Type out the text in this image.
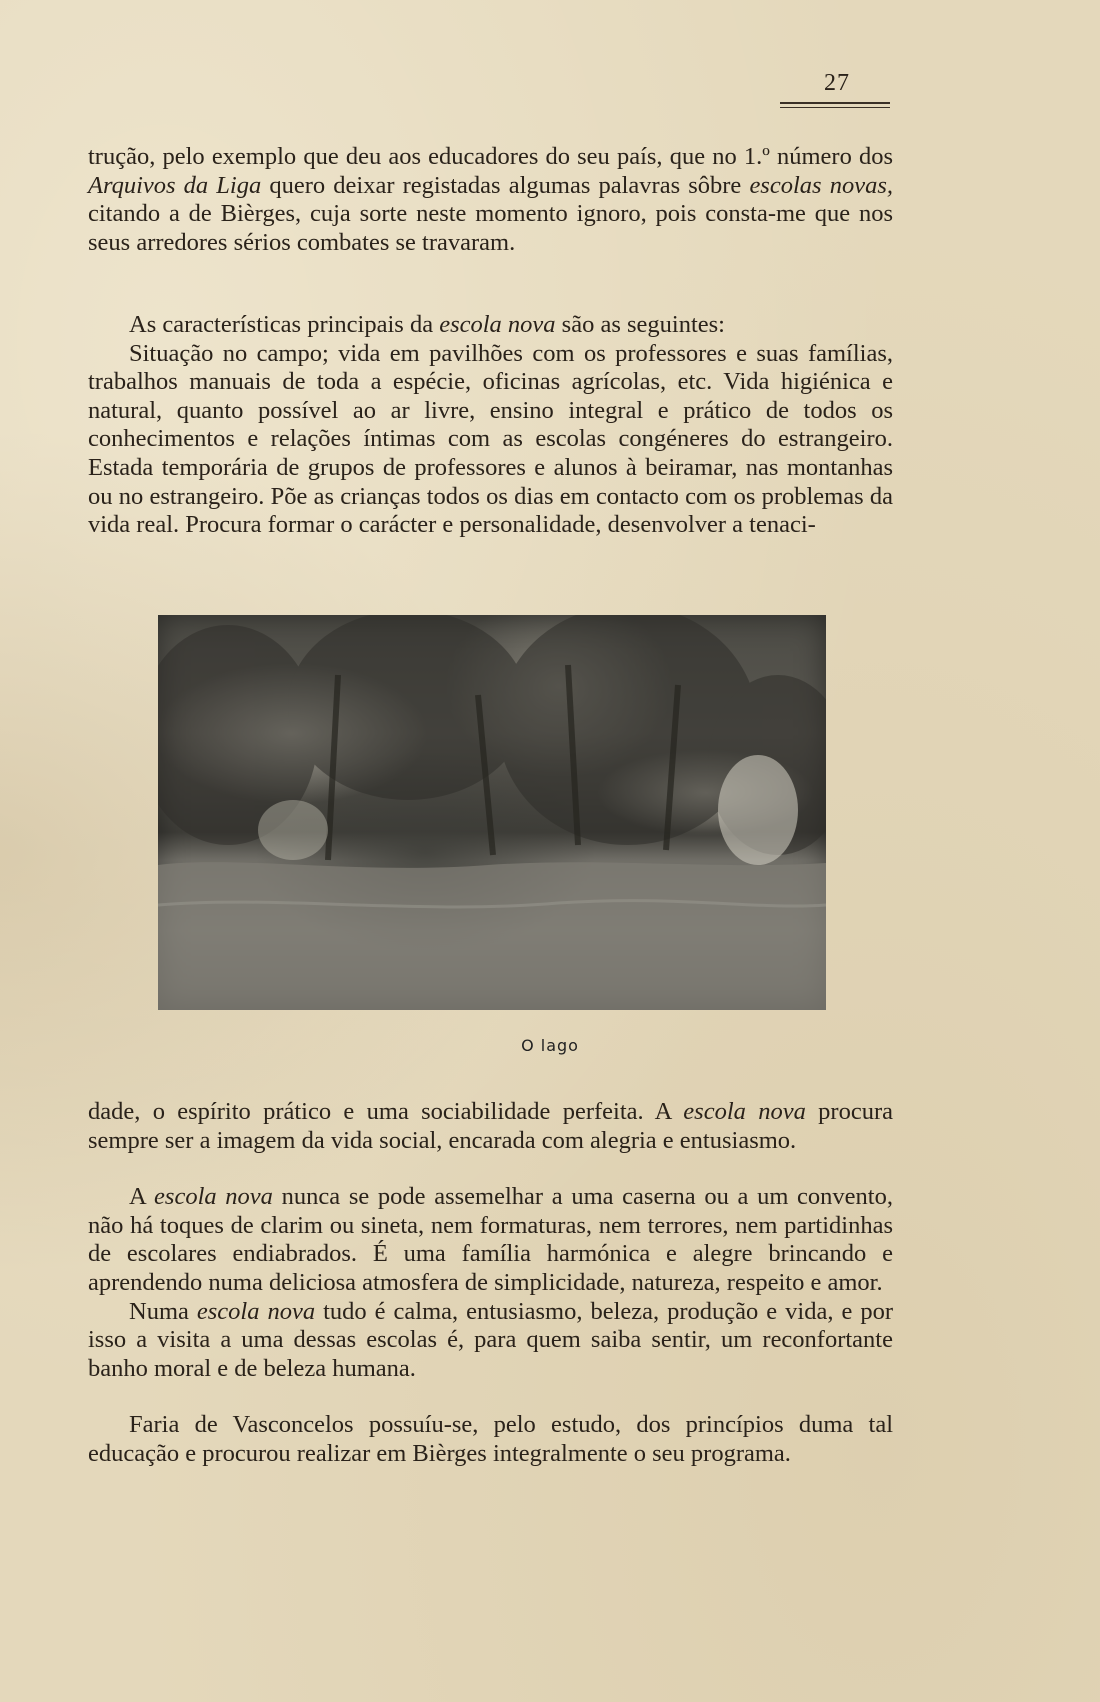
27

trução, pelo exemplo que deu aos educadores do seu país, que no 1.º número dos Arquivos da Liga quero deixar registadas algumas palavras sôbre escolas novas, citando a de Bièrges, cuja sorte neste momento ignoro, pois consta-me que nos seus arredores sérios combates se travaram.

As características principais da escola nova são as seguintes:

Situação no campo; vida em pavilhões com os professores e suas famílias, trabalhos manuais de toda a espécie, oficinas agrícolas, etc. Vida higiénica e natural, quanto possível ao ar livre, ensino integral e prático de todos os conhecimentos e relações íntimas com as escolas congéneres do estrangeiro. Estada temporária de grupos de professores e alunos à beiramar, nas montanhas ou no estrangeiro. Põe as crianças todos os dias em contacto com os problemas da vida real. Procura formar o carácter e personalidade, desenvolver a tenaci-

O lago

dade, o espírito prático e uma sociabilidade perfeita. A escola nova procura sempre ser a imagem da vida social, encarada com alegria e entusiasmo.

A escola nova nunca se pode assemelhar a uma caserna ou a um convento, não há toques de clarim ou sineta, nem formaturas, nem terrores, nem partidinhas de escolares endiabrados. É uma família harmónica e alegre brincando e aprendendo numa deliciosa atmosfera de simplicidade, natureza, respeito e amor.

Numa escola nova tudo é calma, entusiasmo, beleza, produção e vida, e por isso a visita a uma dessas escolas é, para quem saiba sentir, um reconfortante banho moral e de beleza humana.

Faria de Vasconcelos possuíu-se, pelo estudo, dos princípios duma tal educação e procurou realizar em Bièrges integralmente o seu programa.
